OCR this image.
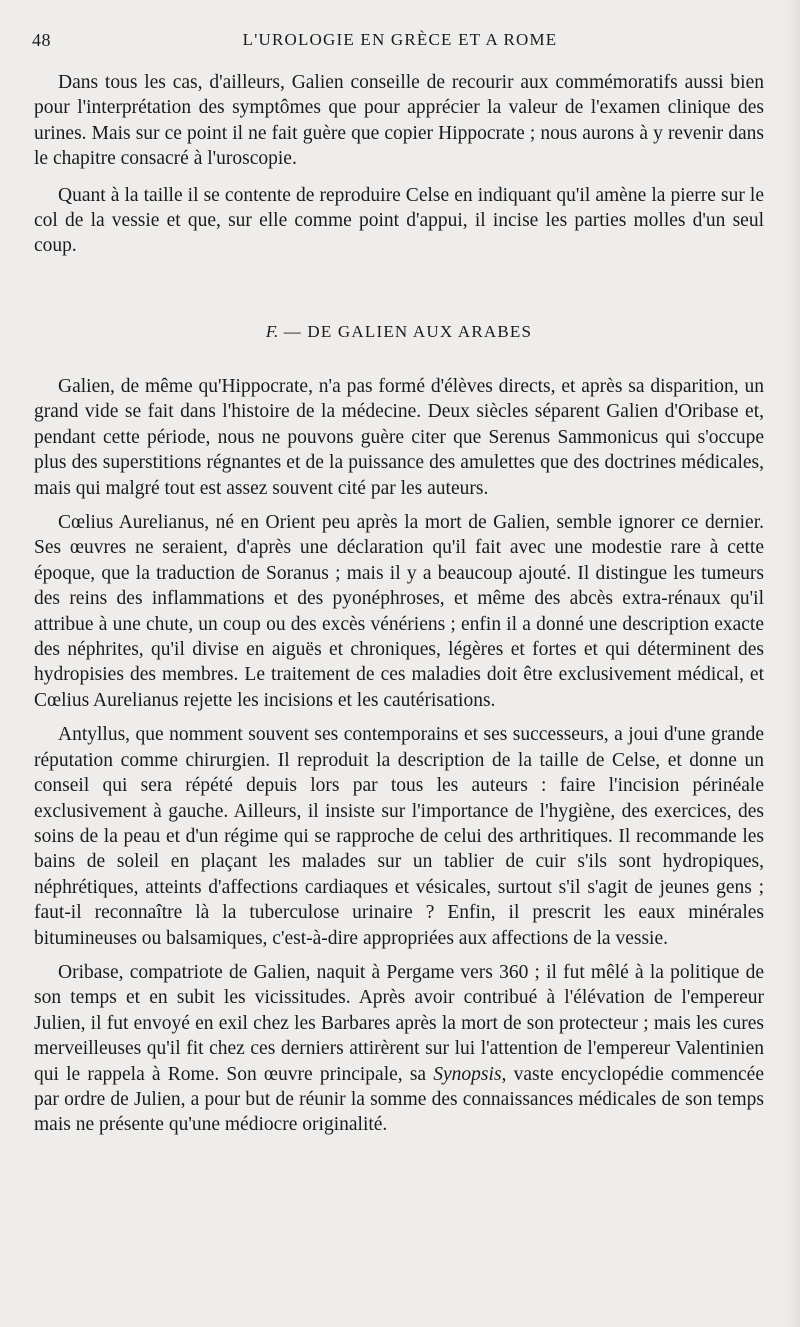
48	L'UROLOGIE EN GRÈCE ET A ROME

Dans tous les cas, d'ailleurs, Galien conseille de recourir aux commémoratifs aussi bien pour l'interprétation des symptômes que pour apprécier la valeur de l'examen clinique des urines. Mais sur ce point il ne fait guère que copier Hippocrate ; nous aurons à y revenir dans le chapitre consacré à l'uroscopie.

Quant à la taille il se contente de reproduire Celse en indiquant qu'il amène la pierre sur le col de la vessie et que, sur elle comme point d'appui, il incise les parties molles d'un seul coup.

F. — DE GALIEN AUX ARABES

Galien, de même qu'Hippocrate, n'a pas formé d'élèves directs, et après sa disparition, un grand vide se fait dans l'histoire de la médecine. Deux siècles séparent Galien d'Oribase et, pendant cette période, nous ne pouvons guère citer que Serenus Sammonicus qui s'occupe plus des superstitions régnantes et de la puissance des amulettes que des doctrines médicales, mais qui malgré tout est assez souvent cité par les auteurs.

Cœlius Aurelianus, né en Orient peu après la mort de Galien, semble ignorer ce dernier. Ses œuvres ne seraient, d'après une déclaration qu'il fait avec une modestie rare à cette époque, que la traduction de Soranus ; mais il y a beaucoup ajouté. Il distingue les tumeurs des reins des inflammations et des pyonéphroses, et même des abcès extra-rénaux qu'il attribue à une chute, un coup ou des excès vénériens ; enfin il a donné une description exacte des néphrites, qu'il divise en aiguës et chroniques, légères et fortes et qui déterminent des hydropisies des membres. Le traitement de ces maladies doit être exclusivement médical, et Cœlius Aurelianus rejette les incisions et les cautérisations.

Antyllus, que nomment souvent ses contemporains et ses successeurs, a joui d'une grande réputation comme chirurgien. Il reproduit la description de la taille de Celse, et donne un conseil qui sera répété depuis lors par tous les auteurs : faire l'incision périnéale exclusivement à gauche. Ailleurs, il insiste sur l'importance de l'hygiène, des exercices, des soins de la peau et d'un régime qui se rapproche de celui des arthritiques. Il recommande les bains de soleil en plaçant les malades sur un tablier de cuir s'ils sont hydropiques, néphrétiques, atteints d'affections cardiaques et vésicales, surtout s'il s'agit de jeunes gens ; faut-il reconnaître là la tuberculose urinaire ? Enfin, il prescrit les eaux minérales bitumineuses ou balsamiques, c'est-à-dire appropriées aux affections de la vessie.

Oribase, compatriote de Galien, naquit à Pergame vers 360 ; il fut mêlé à la politique de son temps et en subit les vicissitudes. Après avoir contribué à l'élévation de l'empereur Julien, il fut envoyé en exil chez les Barbares après la mort de son protecteur ; mais les cures merveilleuses qu'il fit chez ces derniers attirèrent sur lui l'attention de l'empereur Valentinien qui le rappela à Rome. Son œuvre principale, sa Synopsis, vaste encyclopédie commencée par ordre de Julien, a pour but de réunir la somme des connaissances médicales de son temps mais ne présente qu'une médiocre originalité.
